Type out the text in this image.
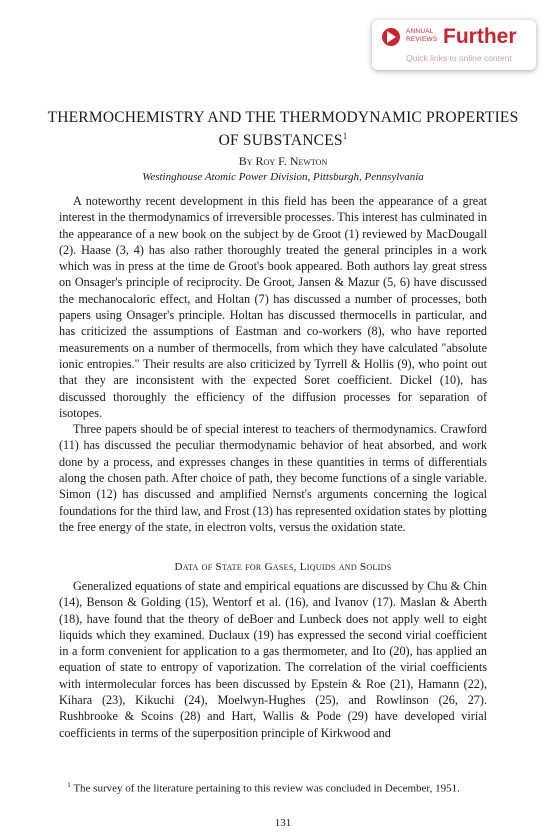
ANNUAL REVIEWS Further
Quick links to online content
THERMOCHEMISTRY AND THE THERMODYNAMIC PROPERTIES OF SUBSTANCES$^1$
By Roy F. Newton
Westinghouse Atomic Power Division, Pittsburgh, Pennsylvania

A noteworthy recent development in this field has been the appearance of a great interest in the thermodynamics of irreversible processes. This interest has culminated in the appearance of a new book on the subject by de Groot (1) reviewed by MacDougall (2). Haase (3, 4) has also rather thoroughly treated the general principles in a work which was in press at the time de Groot's book appeared. Both authors lay great stress on Onsager's principle of reciprocity. De Groot, Jansen & Mazur (5, 6) have discussed the mechanocaloric effect, and Holtan (7) has discussed a number of processes, both papers using Onsager's principle. Holtan has discussed thermocells in particular, and has criticized the assumptions of Eastman and co-workers (8), who have reported measurements on a number of thermocells, from which they have calculated "absolute ionic entropies." Their results are also criticized by Tyrrell & Hollis (9), who point out that they are inconsistent with the expected Soret coefficient. Dickel (10), has discussed thoroughly the efficiency of the diffusion processes for separation of isotopes.

Three papers should be of special interest to teachers of thermodynamics. Crawford (11) has discussed the peculiar thermodynamic behavior of heat absorbed, and work done by a process, and expresses changes in these quantities in terms of differentials along the chosen path. After choice of path, they become functions of a single variable. Simon (12) has discussed and amplified Nernst's arguments concerning the logical foundations for the third law, and Frost (13) has represented oxidation states by plotting the free energy of the state, in electron volts, versus the oxidation state.

Data of State for Gases, Liquids and Solids

Generalized equations of state and empirical equations are discussed by Chu & Chin (14), Benson & Golding (15), Wentorf et al. (16), and Ivanov (17). Maslan & Aberth (18), have found that the theory of deBoer and Lunbeck does not apply well to eight liquids which they examined. Duclaux (19) has expressed the second virial coefficient in a form convenient for application to a gas thermometer, and Ito (20), has applied an equation of state to entropy of vaporization. The correlation of the virial coefficients with intermolecular forces has been discussed by Epstein & Roe (21), Hamann (22), Kihara (23), Kikuchi (24), Moelwyn-Hughes (25), and Rowlinson (26, 27). Rushbrooke & Scoins (28) and Hart, Wallis & Pode (29) have developed virial coefficients in terms of the superposition principle of Kirkwood and

$^1$ The survey of the literature pertaining to this review was concluded in December, 1951.
131
